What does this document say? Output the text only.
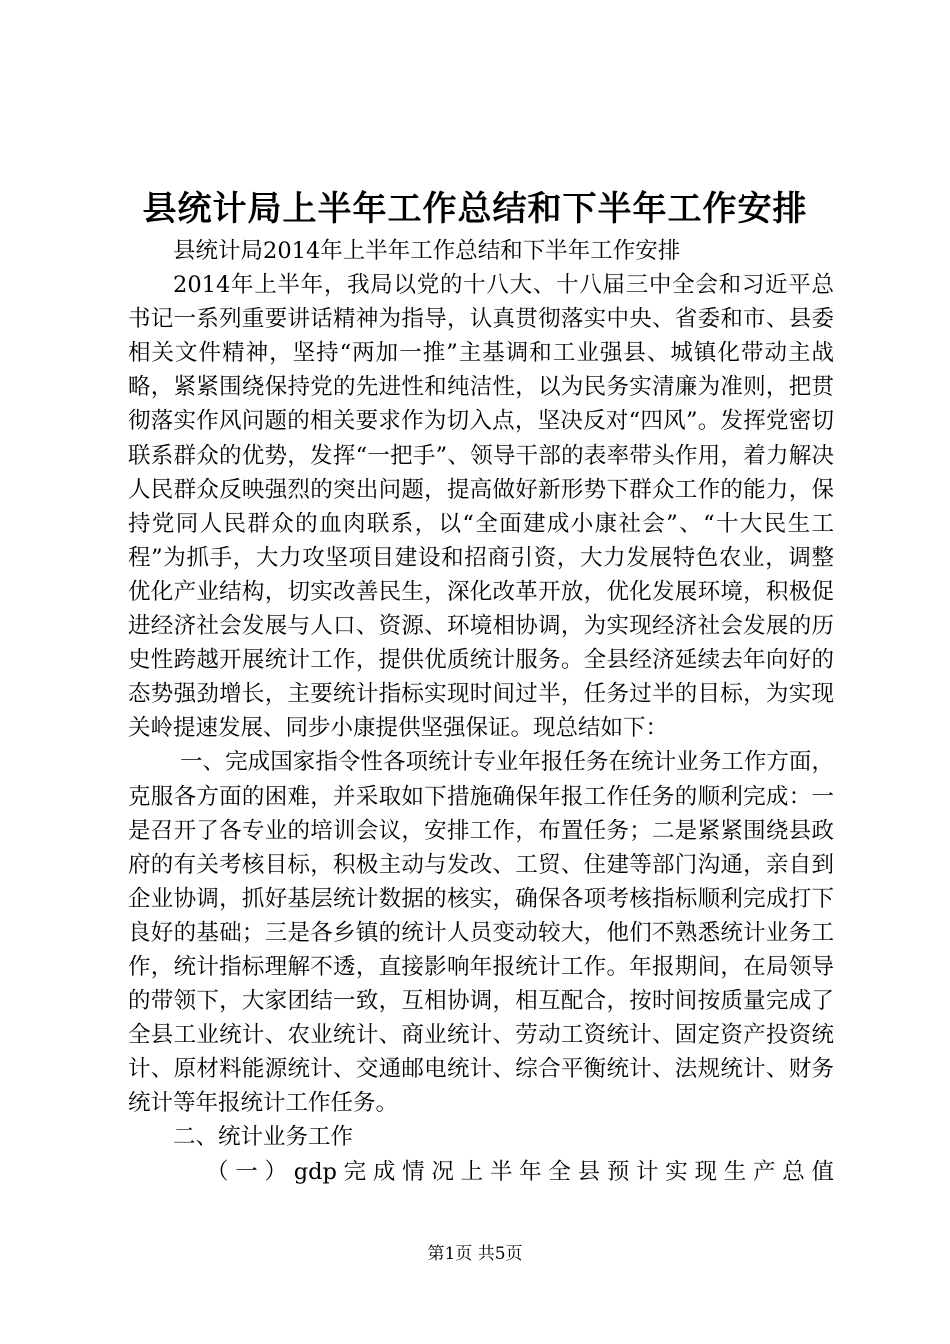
县统计局上半年工作总结和下半年工作安排

县统计局2014年上半年工作总结和下半年工作安排

2014年上半年，我局以党的十八大、十八届三中全会和习近平总书记一系列重要讲话精神为指导，认真贯彻落实中央、省委和市、县委相关文件精神，坚持“两加一推”主基调和工业强县、城镇化带动主战略，紧紧围绕保持党的先进性和纯洁性，以为民务实清廉为准则，把贯彻落实作风问题的相关要求作为切入点，坚决反对“四风”。发挥党密切联系群众的优势，发挥“一把手”、领导干部的表率带头作用，着力解决人民群众反映强烈的突出问题，提高做好新形势下群众工作的能力，保持党同人民群众的血肉联系，以“全面建成小康社会”、“十大民生工程”为抓手，大力攻坚项目建设和招商引资，大力发展特色农业，调整优化产业结构，切实改善民生，深化改革开放，优化发展环境，积极促进经济社会发展与人口、资源、环境相协调，为实现经济社会发展的历史性跨越开展统计工作，提供优质统计服务。全县经济延续去年向好的态势强劲增长，主要统计指标实现时间过半，任务过半的目标，为实现关岭提速发展、同步小康提供坚强保证。现总结如下：

一、完成国家指令性各项统计专业年报任务在统计业务工作方面，克服各方面的困难，并采取如下措施确保年报工作任务的顺利完成：一是召开了各专业的培训会议，安排工作，布置任务；二是紧紧围绕县政府的有关考核目标，积极主动与发改、工贸、住建等部门沟通，亲自到企业协调，抓好基层统计数据的核实，确保各项考核指标顺利完成打下良好的基础；三是各乡镇的统计人员变动较大，他们不熟悉统计业务工作，统计指标理解不透，直接影响年报统计工作。年报期间，在局领导的带领下，大家团结一致，互相协调，相互配合，按时间按质量完成了全县工业统计、农业统计、商业统计、劳动工资统计、固定资产投资统计、原材料能源统计、交通邮电统计、综合平衡统计、法规统计、财务统计等年报统计工作任务。

二、统计业务工作

（一）gdp完成情况上半年全县预计实现生产总值

第1页 共5页
